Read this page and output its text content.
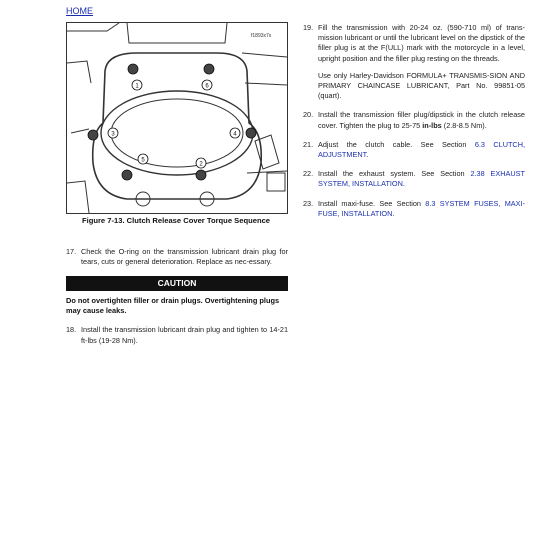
HOME
f1893x7x
1
2
3	4
5
6
Figure 7-13. Clutch Release Cover Torque Sequence
17. Check the O-ring on the transmission lubricant drain plug for tears, cuts or general deterioration. Replace as nec-essary.
CAUTION
Do not overtighten filler or drain plugs. Overtightening plugs may cause leaks.
18. Install the transmission lubricant drain plug and tighten to 14-21 ft-lbs (19-28 Nm).
19. Fill the transmission with 20-24 oz. (590-710 ml) of trans-mission lubricant or until the lubricant level on the dipstick of the filler plug is at the F(ULL) mark with the motorcycle in a level, upright position and the filler plug resting on the threads.
Use only Harley-Davidson FORMULA+ TRANSMIS-SION AND PRIMARY CHAINCASE LUBRICANT, Part No. 99851-05 (quart).
20. Install the transmission filler plug/dipstick in the clutch release cover. Tighten the plug to 25-75 in-lbs (2.8-8.5 Nm).
21. Adjust the clutch cable. See Section 6.3 CLUTCH, ADJUSTMENT.
22. Install the exhaust system. See Section 2.38 EXHAUST SYSTEM, INSTALLATION.
23. Install maxi-fuse. See Section 8.3 SYSTEM FUSES, MAXI-FUSE, INSTALLATION.
